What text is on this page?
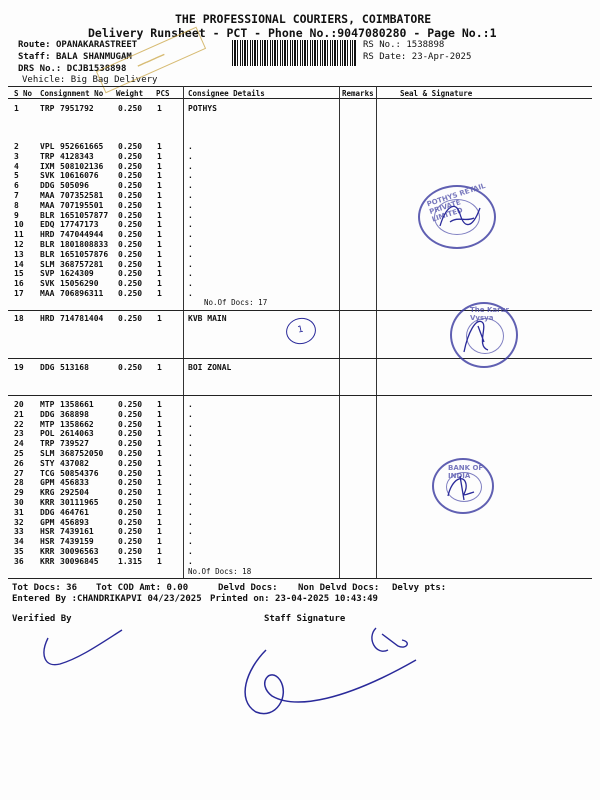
THE PROFESSIONAL COURIERS, COIMBATORE
Delivery Runsheet - PCT - Phone No.:9047080280 - Page No.:1
Route: OPANAKARASTREET
Staff: BALA SHANMUGAM
DRS No.: DCJB1538898
Vehicle: Big Bag Delivery
RS No.: 1538898
RS Date: 23-Apr-2025
━━━━━━
S No Consignment No Weight PCS Consignee Details	Remarks	Seal & Signature
1	TRP 7951792	0.250 1	POTHYS
2	VPL 952661665 0.250 1	.
3	TRP 4128343	0.250 1	.
4	IXM 508102136 0.250 1	.
5	SVK 10616076 0.250 1	.
6	DDG 505096	0.250 1	.
7	MAA 707352581 0.250 1	.
8	MAA 707195501 0.250 1	.
9	BLR 1651057877 0.250 1	.
10 EDQ 17747173 0.250 1	.
11 HRD 747044944 0.250 1	.
12 BLR 1801808833 0.250 1	.
13 BLR 1651057876 0.250 1	.
14 SLM 368757281 0.250 1	.
15 SVP 1624309	0.250 1	.
16 SVK 15056290 0.250 1	.
17 MAA 706896311 0.250 1	.
18 HRD 714781404 0.250 1	KVB MAIN
19 DDG 513168	0.250 1	BOI ZONAL
20 MTP 1358661	0.250 1	.
21 DDG 368898	0.250 1	.
22 MTP 1358662	0.250 1	.
23 POL 2614063	0.250 1	.
24 TRP 739527	0.250 1	.
25 SLM 368752050 0.250 1	.
26 STY 437082	0.250 1	.
27 TCG 50854376 0.250 1	.
28 GPM 456833	0.250 1	.
29 KRG 292504	0.250 1	.
30 KRR 30111965 0.250 1	.
31 DDG 464761	0.250 1	.
32 GPM 456893	0.250 1	.
33 HSR 7439161	0.250 1	.
34 HSR 7439159	0.250 1	.
35 KRR 30096563 0.250 1	.
36 KRR 30096845 1.315 1	.
No.Of Docs: 17
No.Of Docs: 18
1
POTHYS RETAIL PRIVATE LIMITED
The Karur Vysya
BANK OF INDIA
Tot Docs: 36 Tot COD Amt: 0.00	Delvd Docs: Non Delvd Docs: Delvy pts:
Entered By :CHANDRIKAPVI 04/23/2025 Printed on: 23-04-2025 10:43:49
Verified By	Staff Signature
